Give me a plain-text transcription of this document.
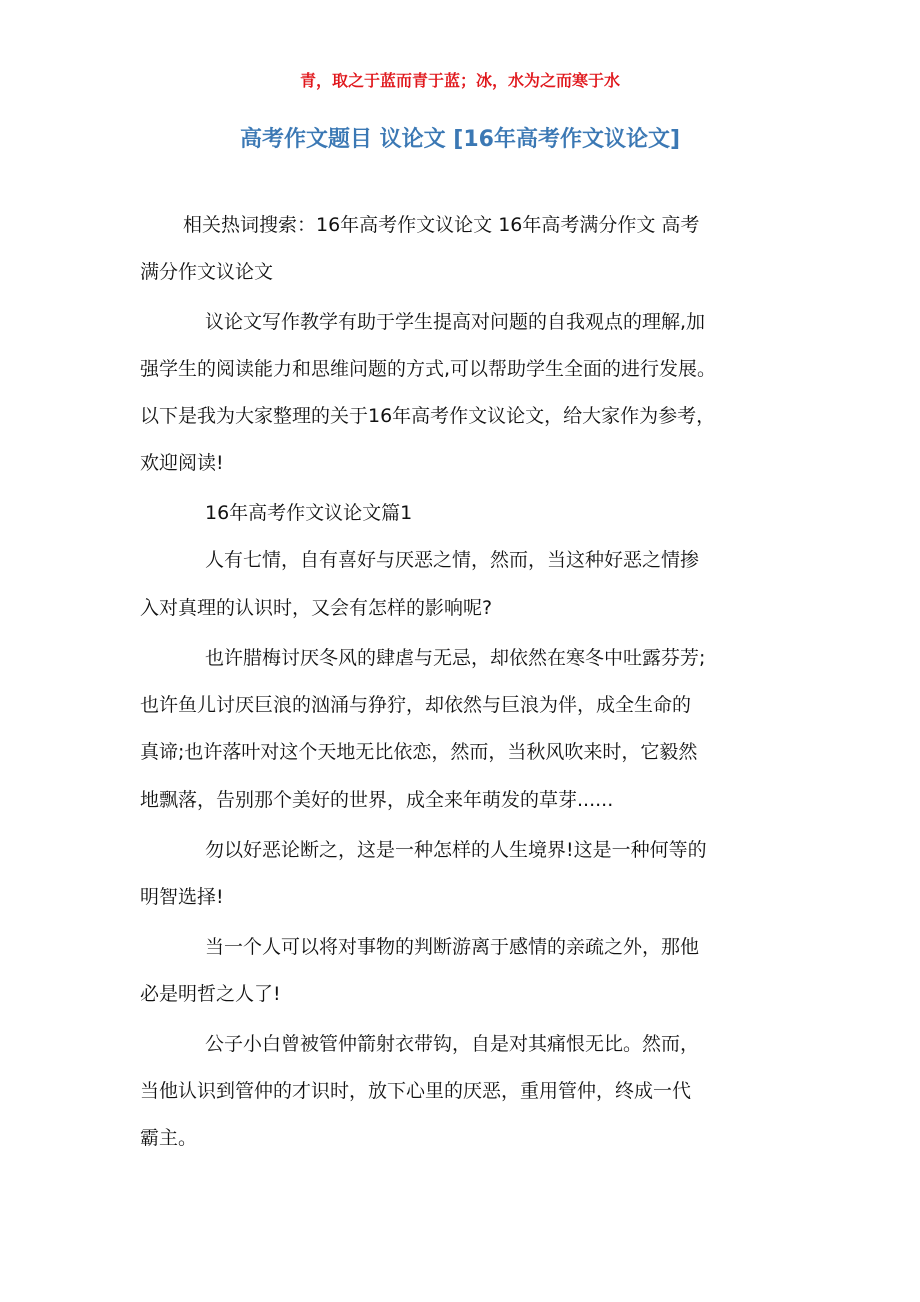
青，取之于蓝而青于蓝；冰，水为之而寒于水
高考作文题目 议论文 [16年高考作文议论文]
相关热词搜索：16年高考作文议论文 16年高考满分作文 高考
满分作文议论文
议论文写作教学有助于学生提高对问题的自我观点的理解,加
强学生的阅读能力和思维问题的方式,可以帮助学生全面的进行发展。
以下是我为大家整理的关于16年高考作文议论文，给大家作为参考，
欢迎阅读!
16年高考作文议论文篇1
人有七情，自有喜好与厌恶之情，然而，当这种好恶之情掺
入对真理的认识时，又会有怎样的影响呢?
也许腊梅讨厌冬风的肆虐与无忌，却依然在寒冬中吐露芬芳;
也许鱼儿讨厌巨浪的汹涌与狰狞，却依然与巨浪为伴，成全生命的
真谛;也许落叶对这个天地无比依恋，然而，当秋风吹来时，它毅然
地飘落，告别那个美好的世界，成全来年萌发的草芽......
勿以好恶论断之，这是一种怎样的人生境界!这是一种何等的
明智选择!
当一个人可以将对事物的判断游离于感情的亲疏之外，那他
必是明哲之人了!
公子小白曾被管仲箭射衣带钩，自是对其痛恨无比。然而，
当他认识到管仲的才识时，放下心里的厌恶，重用管仲，终成一代
霸主。
